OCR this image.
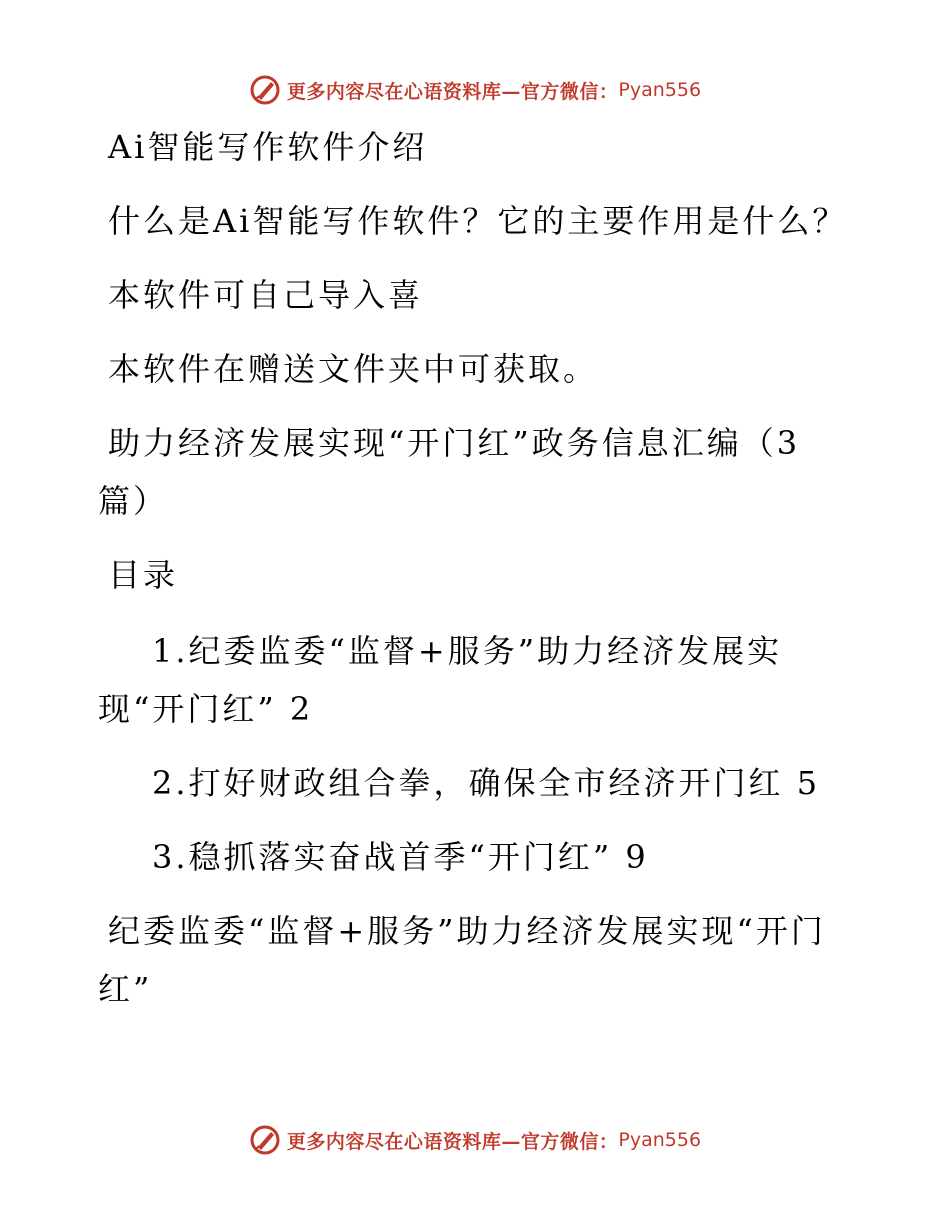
更多内容尽在心语资料库—官方微信： Pyan556
Ai智能写作软件介绍
什么是Ai智能写作软件？它的主要作用是什么？
本软件可自己导入喜
本软件在赠送文件夹中可获取。
助力经济发展实现“开门红”政务信息汇编（3
篇）
目录
1.纪委监委“监督+服务”助力经济发展实
现“开门红” 2
2.打好财政组合拳，确保全市经济开门红 5
3.稳抓落实奋战首季“开门红” 9
纪委监委“监督+服务”助力经济发展实现“开门
红”
更多内容尽在心语资料库—官方微信： Pyan556
